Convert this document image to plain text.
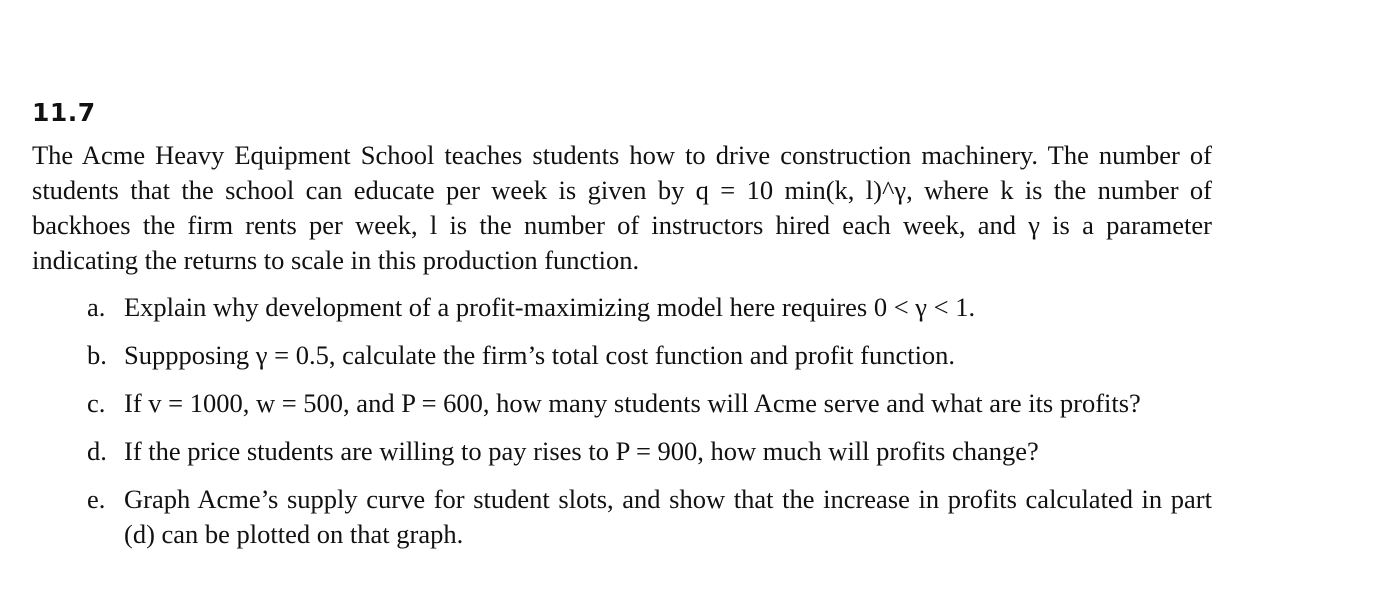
11.7

The Acme Heavy Equipment School teaches students how to drive construction machinery. The number of students that the school can educate per week is given by q = 10 min(k, l)^γ, where k is the number of backhoes the firm rents per week, l is the number of instructors hired each week, and γ is a parameter indicating the returns to scale in this production function.

a. Explain why development of a profit-maximizing model here requires 0 < γ < 1.
b. Suppposing γ = 0.5, calculate the firm’s total cost function and profit function.
c. If v = 1000, w = 500, and P = 600, how many students will Acme serve and what are its profits?
d. If the price students are willing to pay rises to P = 900, how much will profits change?
e. Graph Acme’s supply curve for student slots, and show that the increase in profits calculated in part (d) can be plotted on that graph.
